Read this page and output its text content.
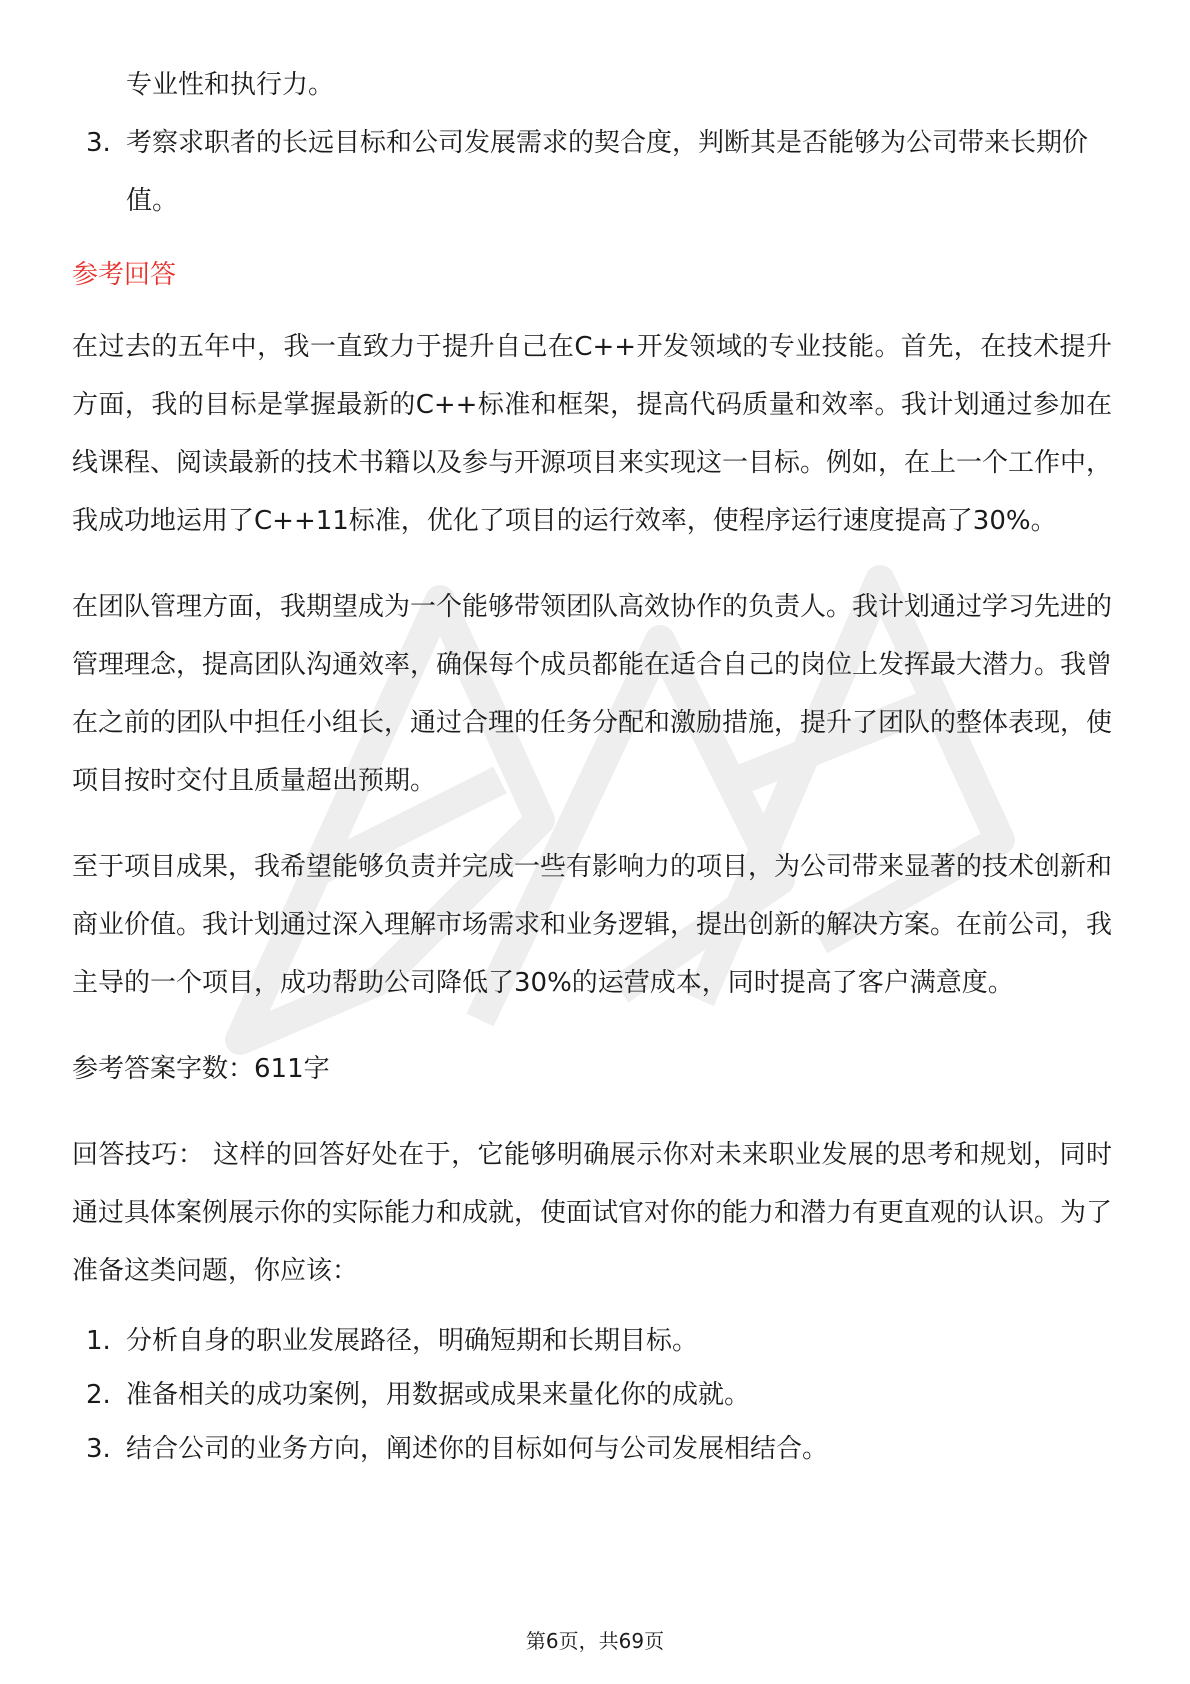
专业性和执行力。
3. 考察求职者的长远目标和公司发展需求的契合度，判断其是否能够为公司带来长期价值。
参考回答
在过去的五年中，我一直致力于提升自己在C++开发领域的专业技能。首先，在技术提升方面，我的目标是掌握最新的C++标准和框架，提高代码质量和效率。我计划通过参加在线课程、阅读最新的技术书籍以及参与开源项目来实现这一目标。例如，在上一个工作中，我成功地运用了C++11标准，优化了项目的运行效率，使程序运行速度提高了30%。
在团队管理方面，我期望成为一个能够带领团队高效协作的负责人。我计划通过学习先进的管理理念，提高团队沟通效率，确保每个成员都能在适合自己的岗位上发挥最大潜力。我曾在之前的团队中担任小组长，通过合理的任务分配和激励措施，提升了团队的整体表现，使项目按时交付且质量超出预期。
至于项目成果，我希望能够负责并完成一些有影响力的项目，为公司带来显著的技术创新和商业价值。我计划通过深入理解市场需求和业务逻辑，提出创新的解决方案。在前公司，我主导的一个项目，成功帮助公司降低了30%的运营成本，同时提高了客户满意度。
参考答案字数：611字
回答技巧： 这样的回答好处在于，它能够明确展示你对未来职业发展的思考和规划，同时通过具体案例展示你的实际能力和成就，使面试官对你的能力和潜力有更直观的认识。为了准备这类问题，你应该：
1. 分析自身的职业发展路径，明确短期和长期目标。
2. 准备相关的成功案例，用数据或成果来量化你的成就。
3. 结合公司的业务方向，阐述你的目标如何与公司发展相结合。
第6页，共69页
